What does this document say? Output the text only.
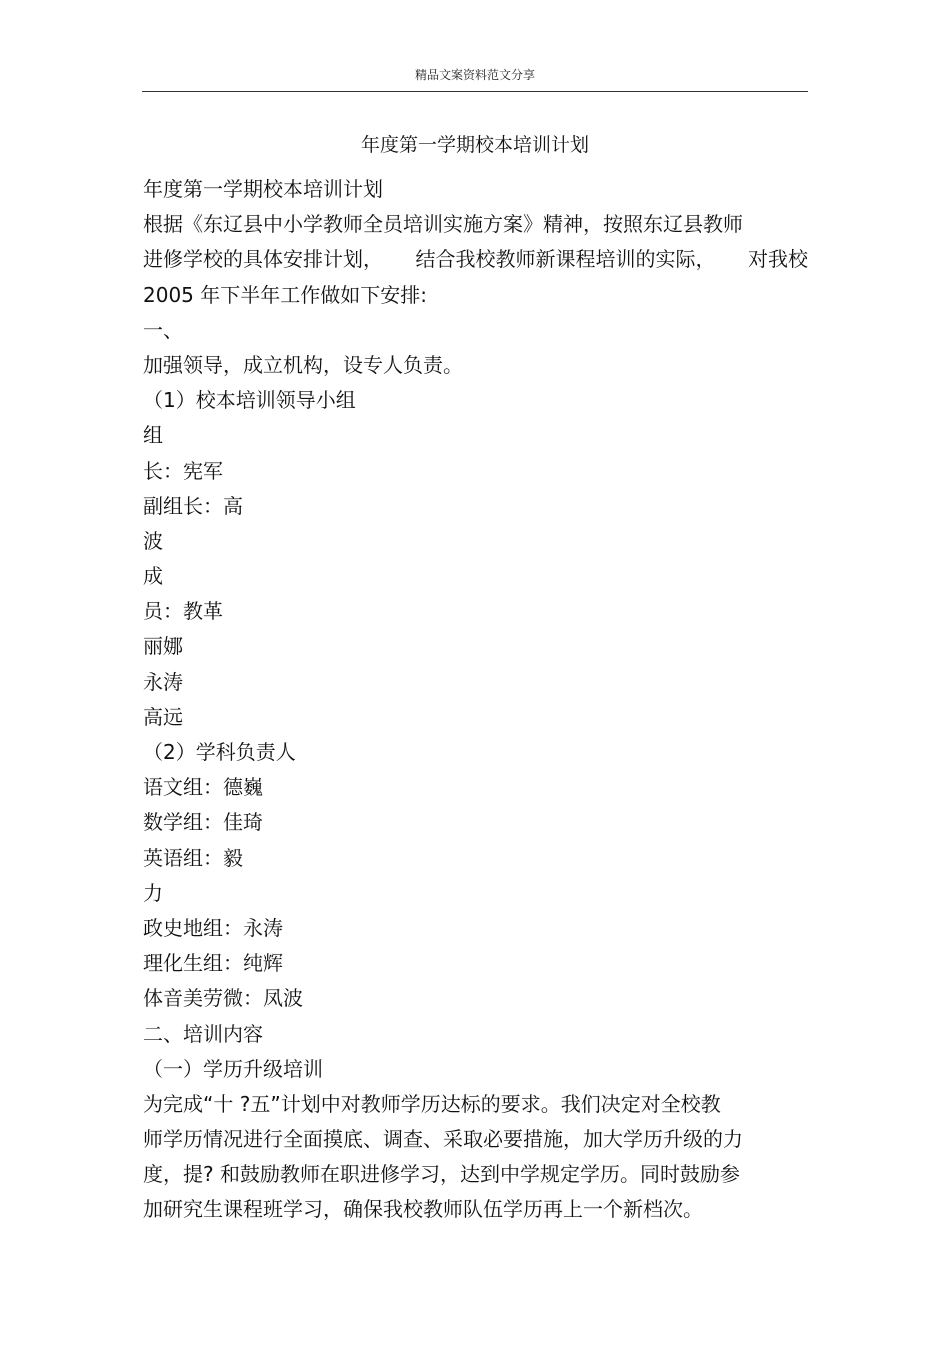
精品文案资料范文分享
年度第一学期校本培训计划
年度第一学期校本培训计划
根据《东辽县中小学教师全员培训实施方案》精神，按照东辽县教师
进修学校的具体安排计划， 结合我校教师新课程培训的实际， 对我校
2005 年下半年工作做如下安排:
一、
加强领导，成立机构，设专人负责。
（1）校本培训领导小组
组
长：宪军
副组长：高
波
成
员：教革
丽娜
永涛
高远
（2）学科负责人
语文组：德巍
数学组：佳琦
英语组：毅
力
政史地组：永涛
理化生组：纯辉
体音美劳微：凤波
二、培训内容
（一）学历升级培训
为完成“十 ?五”计划中对教师学历达标的要求。我们决定对全校教
师学历情况进行全面摸底、调查、采取必要措施，加大学历升级的力
度，提? 和鼓励教师在职进修学习，达到中学规定学历。同时鼓励参
加研究生课程班学习，确保我校教师队伍学历再上一个新档次。
